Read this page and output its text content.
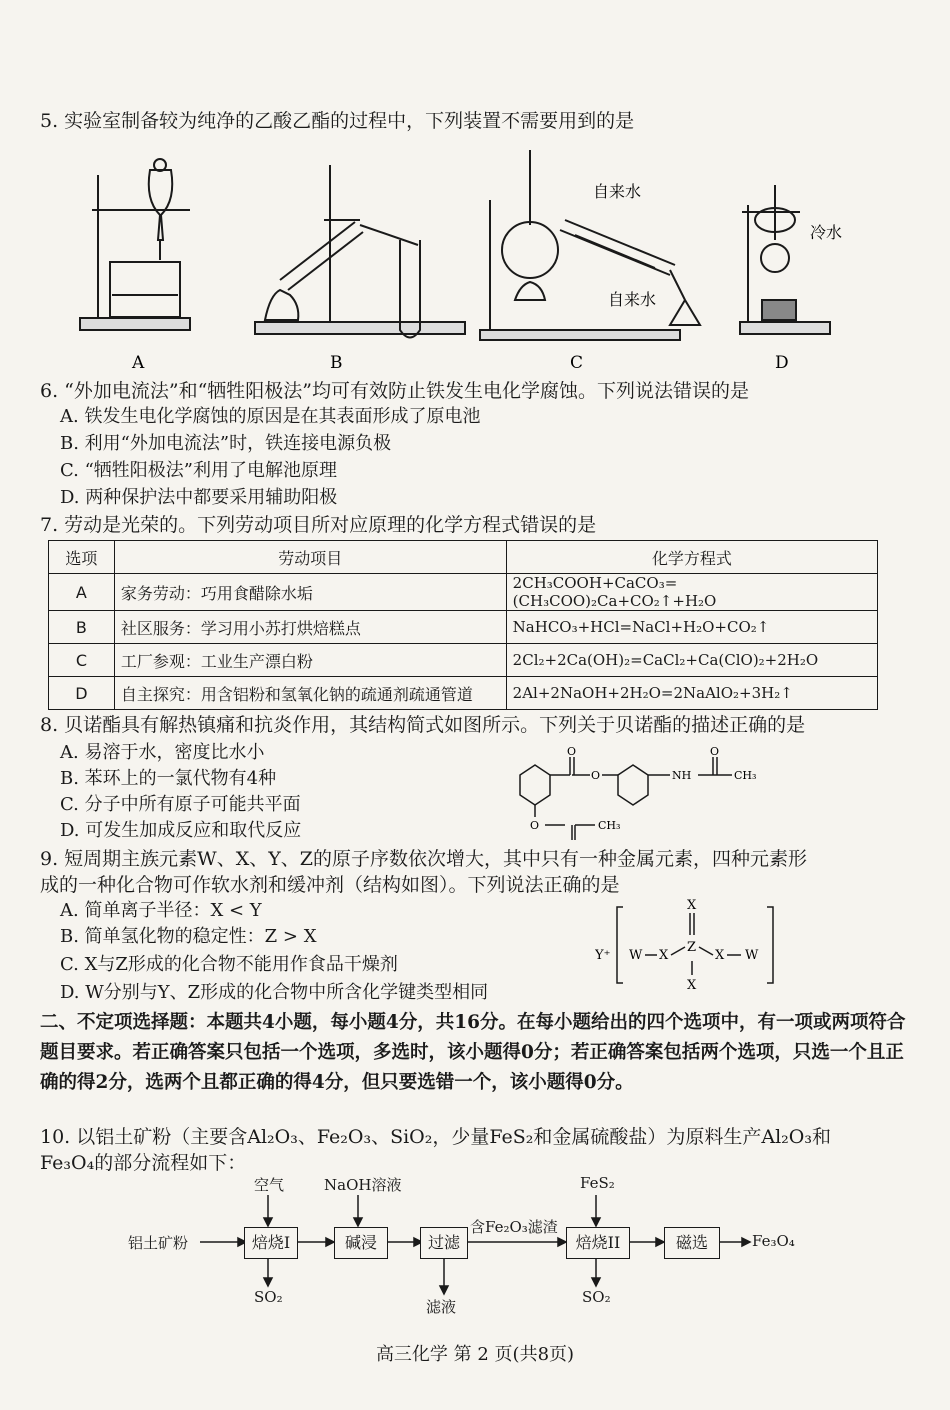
5. 实验室制备较为纯净的乙酸乙酯的过程中，下列装置不需要用到的是
A	B	C	D
自来水
自来水
冷水
6. “外加电流法”和“牺牲阳极法”均可有效防止铁发生电化学腐蚀。下列说法错误的是
A. 铁发生电化学腐蚀的原因是在其表面形成了原电池
B. 利用“外加电流法”时，铁连接电源负极
C. “牺牲阳极法”利用了电解池原理
D. 两种保护法中都要采用辅助阳极
7. 劳动是光荣的。下列劳动项目所对应原理的化学方程式错误的是
选项	劳动项目	化学方程式
A	家务劳动：巧用食醋除水垢	2CH₃COOH+CaCO₃=(CH₃COO)₂Ca+CO₂↑+H₂O
B	社区服务：学习用小苏打烘焙糕点	NaHCO₃+HCl=NaCl+H₂O+CO₂↑
C	工厂参观：工业生产漂白粉	2Cl₂+2Ca(OH)₂=CaCl₂+Ca(ClO)₂+2H₂O
D	自主探究：用含铝粉和氢氧化钠的疏通剂疏通管道	2Al+2NaOH+2H₂O=2NaAlO₂+3H₂↑
8. 贝诺酯具有解热镇痛和抗炎作用，其结构简式如图所示。下列关于贝诺酯的描述正确的是
A. 易溶于水，密度比水小
B. 苯环上的一氯代物有4种
C. 分子中所有原子可能共平面
D. 可发生加成反应和取代反应
O
O	NH
O
CH₃
O	CH₃
9. 短周期主族元素W、X、Y、Z的原子序数依次增大，其中只有一种金属元素，四种元素形
成的一种化合物可作软水剂和缓冲剂（结构如图）。下列说法正确的是
A. 简单离子半径：X < Y
B. 简单氢化物的稳定性：Z > X
C. X与Z形成的化合物不能用作食品干燥剂
D. W分别与Y、Z形成的化合物中所含化学键类型相同
X
Y⁺ W X
Z
X W
X
二、不定项选择题：本题共4小题，每小题4分，共16分。在每小题给出的四个选项中，有一项或两项符合题目要求。若正确答案只包括一个选项，多选时，该小题得0分；若正确答案包括两个选项，只选一个且正确的得2分，选两个且都正确的得4分，但只要选错一个，该小题得0分。
10. 以铝土矿粉（主要含Al₂O₃、Fe₂O₃、SiO₂，少量FeS₂和金属硫酸盐）为原料生产Al₂O₃和
Fe₃O₄的部分流程如下：
铝土矿粉
空气	NaOH溶液
焙烧I	碱浸	过滤
含Fe₂O₃滤渣
FeS₂
焙烧II	磁选	Fe₃O₄
SO₂
滤液
SO₂
高三化学 第 2 页(共8页)
